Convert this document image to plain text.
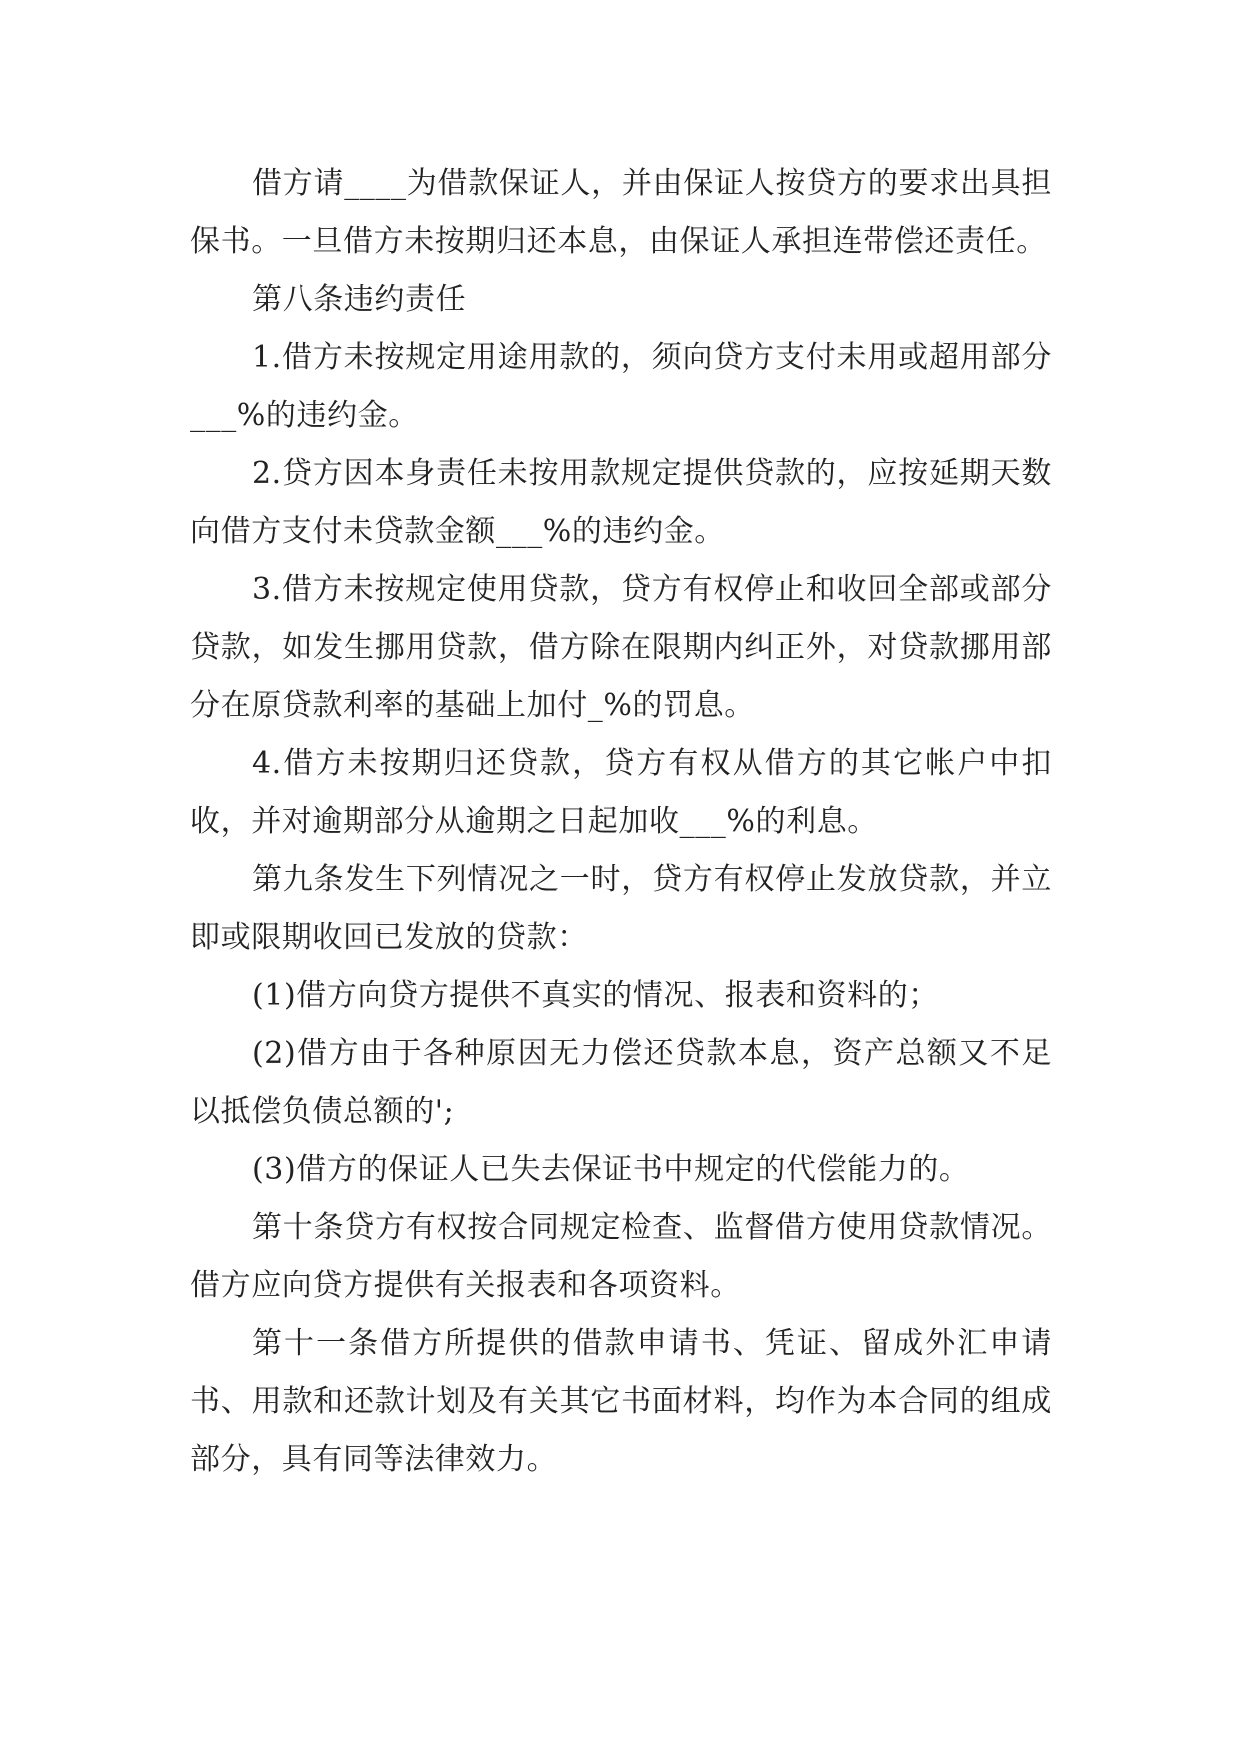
借方请____为借款保证人，并由保证人按贷方的要求出具担保书。一旦借方未按期归还本息，由保证人承担连带偿还责任。

第八条违约责任

1.借方未按规定用途用款的，须向贷方支付未用或超用部分___%的违约金。

2.贷方因本身责任未按用款规定提供贷款的，应按延期天数向借方支付未贷款金额___%的违约金。

3.借方未按规定使用贷款，贷方有权停止和收回全部或部分贷款，如发生挪用贷款，借方除在限期内纠正外，对贷款挪用部分在原贷款利率的基础上加付_%的罚息。

4.借方未按期归还贷款，贷方有权从借方的其它帐户中扣收，并对逾期部分从逾期之日起加收___%的利息。

第九条发生下列情况之一时，贷方有权停止发放贷款，并立即或限期收回已发放的贷款：

(1)借方向贷方提供不真实的情况、报表和资料的；

(2)借方由于各种原因无力偿还贷款本息，资产总额又不足以抵偿负债总额的';

(3)借方的保证人已失去保证书中规定的代偿能力的。

第十条贷方有权按合同规定检查、监督借方使用贷款情况。借方应向贷方提供有关报表和各项资料。

第十一条借方所提供的借款申请书、凭证、留成外汇申请书、用款和还款计划及有关其它书面材料，均作为本合同的组成部分，具有同等法律效力。
